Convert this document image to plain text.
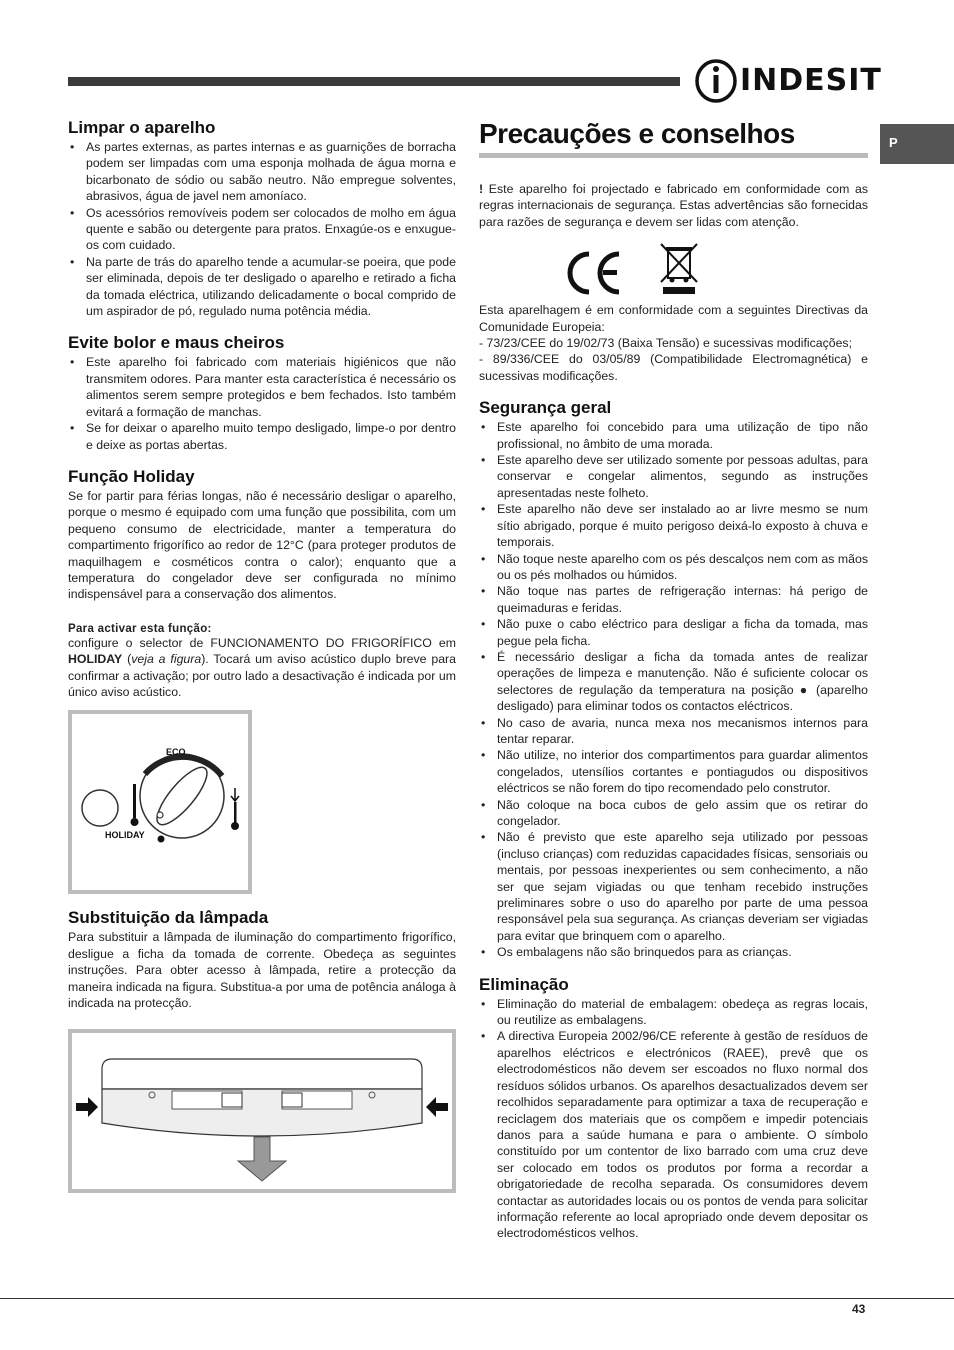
INDESIT
P
Limpar o aparelho
• As partes externas, as partes internas e as guarnições de borracha podem ser limpadas com uma esponja molhada de água morna e bicarbonato de sódio ou sabão neutro. Não empregue solventes, abrasivos, água de javel nem amoníaco.
• Os acessórios removíveis podem ser colocados de molho em água quente e sabão ou detergente para pratos. Enxagúe-os e enxugue-os com cuidado.
• Na parte de trás do aparelho tende a acumular-se poeira, que pode ser eliminada, depois de ter desligado o aparelho e retirado a ficha da tomada eléctrica, utilizando delicadamente o bocal comprido de um aspirador de pó, regulado numa potência média.
Evite bolor e maus cheiros
• Este aparelho foi fabricado com materiais higiénicos que não transmitem odores. Para manter esta característica é necessário os alimentos serem sempre protegidos e bem fechados. Isto também evitará a formação de manchas.
• Se for deixar o aparelho muito tempo desligado, limpe-o por dentro e deixe as portas abertas.
Função Holiday

Se for partir para férias longas, não é necessário desligar o aparelho, porque o mesmo é equipado com uma função que possibilita, com um pequeno consumo de electricidade, manter a temperatura do compartimento frigorífico ao redor de 12°C (para proteger produtos de maquilhagem e cosméticos contra o calor); enquanto que a temperatura do congelador deve ser configurada no mínimo indispensável para a conservação dos alimentos.

Para activar esta função:

configure o selector de FUNCIONAMENTO DO FRIGORÍFICO em HOLIDAY (veja a figura). Tocará um aviso acústico duplo breve para confirmar a activação; por outro lado a desactivação é indicada por um único aviso acústico.

ECO
HOLIDAY
Substituição da lâmpada

Para substituir a lâmpada de iluminação do compartimento frigorífico, desligue a ficha da tomada de corrente. Obedeça as seguintes instruções. Para obter acesso à lâmpada, retire a protecção da maneira indicada na figura. Substitua-a por uma de potência análoga à indicada na protecção.

Precauções e conselhos

! Este aparelho foi projectado e fabricado em conformidade com as regras internacionais de segurança. Estas advertências são fornecidas para razões de segurança e devem ser lidas com atenção.

Esta aparelhagem é em conformidade com a seguintes Directivas da Comunidade Europeia:

- 73/23/CEE do 19/02/73 (Baixa Tensão) e sucessivas modificações;

- 89/336/CEE do 03/05/89 (Compatibilidade Electromagnética) e sucessivas modificações.

Segurança geral
• Este aparelho foi concebido para uma utilização de tipo não profissional, no âmbito de uma morada.
• Este aparelho deve ser utilizado somente por pessoas adultas, para conservar e congelar alimentos, segundo as instruções apresentadas neste folheto.
• Este aparelho não deve ser instalado ao ar livre mesmo se num sítio abrigado, porque é muito perigoso deixá-lo exposto à chuva e temporais.
• Não toque neste aparelho com os pés descalços nem com as mãos ou os pés molhados ou húmidos.
• Não toque nas partes de refrigeração internas: há perigo de queimaduras e feridas.
• Não puxe o cabo eléctrico para desligar a ficha da tomada, mas pegue pela ficha.
• É necessário desligar a ficha da tomada antes de realizar operações de limpeza e manutenção. Não é suficiente colocar os selectores de regulação da temperatura na posição ● (aparelho desligado) para eliminar todos os contactos eléctricos.
• No caso de avaria, nunca mexa nos mecanismos internos para tentar reparar.
• Não utilize, no interior dos compartimentos para guardar alimentos congelados, utensílios cortantes e pontiagudos ou dispositivos eléctricos se não forem do tipo recomendado pelo construtor.
• Não coloque na boca cubos de gelo assim que os retirar do congelador.
• Não é previsto que este aparelho seja utilizado por pessoas (incluso crianças) com reduzidas capacidades físicas, sensoriais ou mentais, por pessoas inexperientes ou sem conhecimento, a não ser que sejam vigiadas ou que tenham recebido instruções preliminares sobre o uso do aparelho por parte de uma pessoa responsável pela sua segurança. As crianças deveriam ser vigiadas para evitar que brinquem com o aparelho.
• Os embalagens não são brinquedos para as crianças.
Eliminação
• Eliminação do material de embalagem: obedeça as regras locais, ou reutilize as embalagens.
• A directiva Europeia 2002/96/CE referente à gestão de resíduos de aparelhos eléctricos e electrónicos (RAEE), prevê que os electrodomésticos não devem ser escoados no fluxo normal dos resíduos sólidos urbanos. Os aparelhos desactualizados devem ser recolhidos separadamente para optimizar a taxa de recuperação e reciclagem dos materiais que os compõem e impedir potenciais danos para a saúde humana e para o ambiente. O símbolo constituído por um contentor de lixo barrado com uma cruz deve ser colocado em todos os produtos por forma a recordar a obrigatoriedade de recolha separada. Os consumidores devem contactar as autoridades locais ou os pontos de venda para solicitar informação referente ao local apropriado onde devem depositar os electrodomésticos velhos.
43
